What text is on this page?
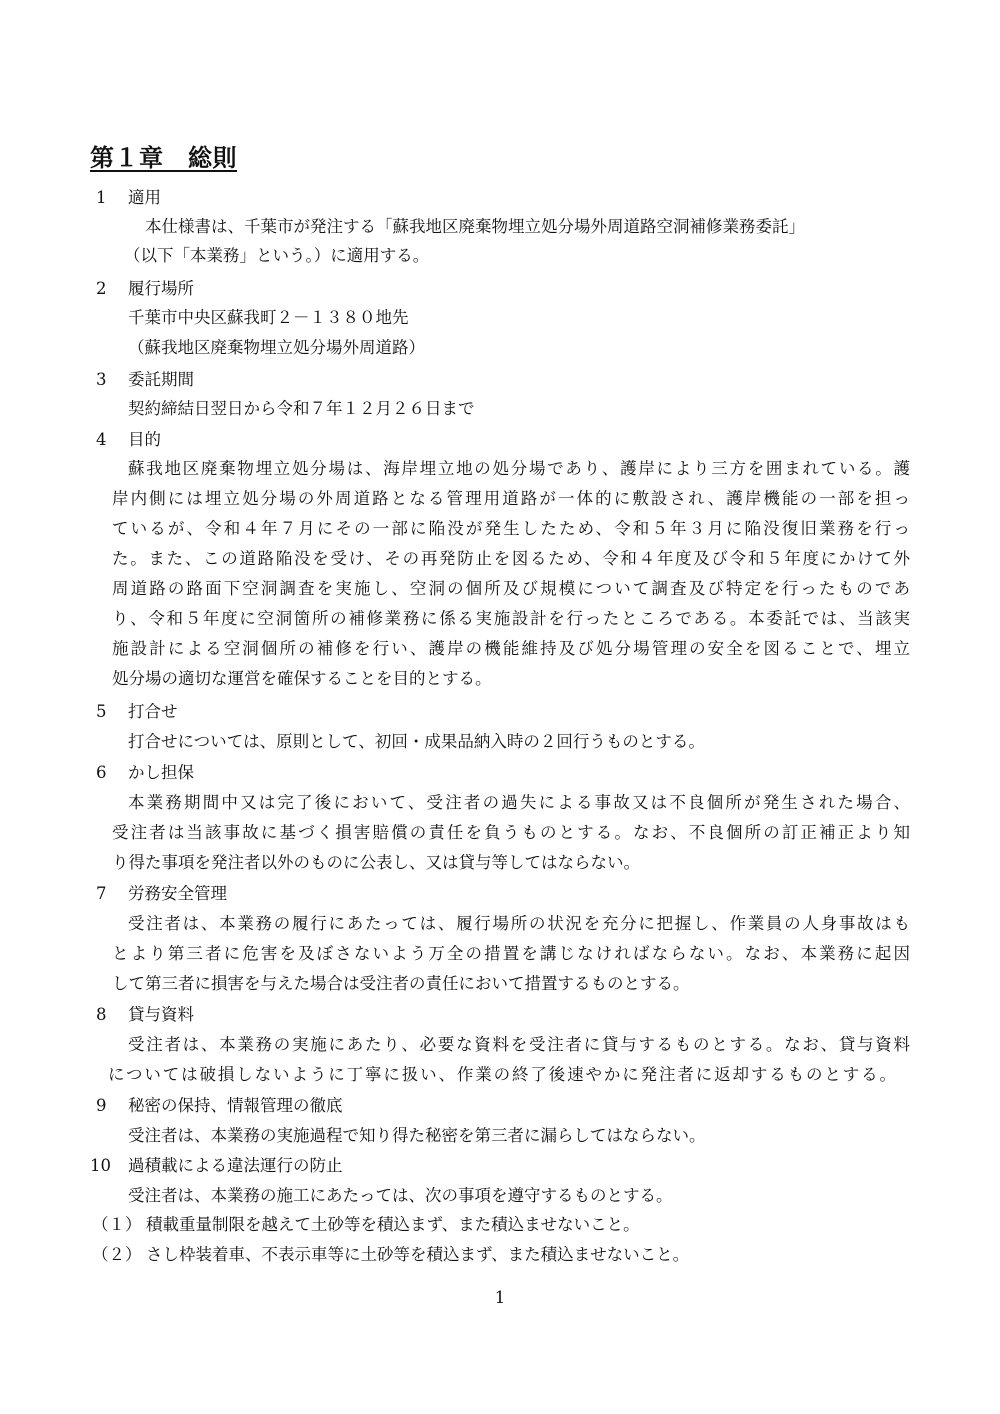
第１章　総則
1 適用
本仕様書は、千葉市が発注する「蘇我地区廃棄物埋立処分場外周道路空洞補修業務委託」
（以下「本業務」という。）に適用する。
2 履行場所
千葉市中央区蘇我町２－１３８０地先
（蘇我地区廃棄物埋立処分場外周道路）
3 委託期間
契約締結日翌日から令和７年１２月２６日まで
4 目的
蘇我地区廃棄物埋立処分場は、海岸埋立地の処分場であり、護岸により三方を囲まれている。護
岸内側には埋立処分場の外周道路となる管理用道路が一体的に敷設され、護岸機能の一部を担っ
ているが、令和４年７月にその一部に陥没が発生したため、令和５年３月に陥没復旧業務を行っ
た。また、この道路陥没を受け、その再発防止を図るため、令和４年度及び令和５年度にかけて外
周道路の路面下空洞調査を実施し、空洞の個所及び規模について調査及び特定を行ったものであ
り、令和５年度に空洞箇所の補修業務に係る実施設計を行ったところである。本委託では、当該実
施設計による空洞個所の補修を行い、護岸の機能維持及び処分場管理の安全を図ることで、埋立
処分場の適切な運営を確保することを目的とする。
5 打合せ
打合せについては、原則として、初回・成果品納入時の２回行うものとする。
6 かし担保
本業務期間中又は完了後において、受注者の過失による事故又は不良個所が発生された場合、
受注者は当該事故に基づく損害賠償の責任を負うものとする。なお、不良個所の訂正補正より知
り得た事項を発注者以外のものに公表し、又は貸与等してはならない。
7 労務安全管理
受注者は、本業務の履行にあたっては、履行場所の状況を充分に把握し、作業員の人身事故はも
とより第三者に危害を及ぼさないよう万全の措置を講じなければならない。なお、本業務に起因
して第三者に損害を与えた場合は受注者の責任において措置するものとする。
8 貸与資料
受注者は、本業務の実施にあたり、必要な資料を受注者に貸与するものとする。なお、貸与資料
については破損しないように丁寧に扱い、作業の終了後速やかに発注者に返却するものとする。
9 秘密の保持、情報管理の徹底
受注者は、本業務の実施過程で知り得た秘密を第三者に漏らしてはならない。
10 過積載による違法運行の防止
受注者は、本業務の施工にあたっては、次の事項を遵守するものとする。
（１） 積載重量制限を越えて土砂等を積込まず、また積込ませないこと。
（２） さし枠装着車、不表示車等に土砂等を積込まず、また積込ませないこと。
1
